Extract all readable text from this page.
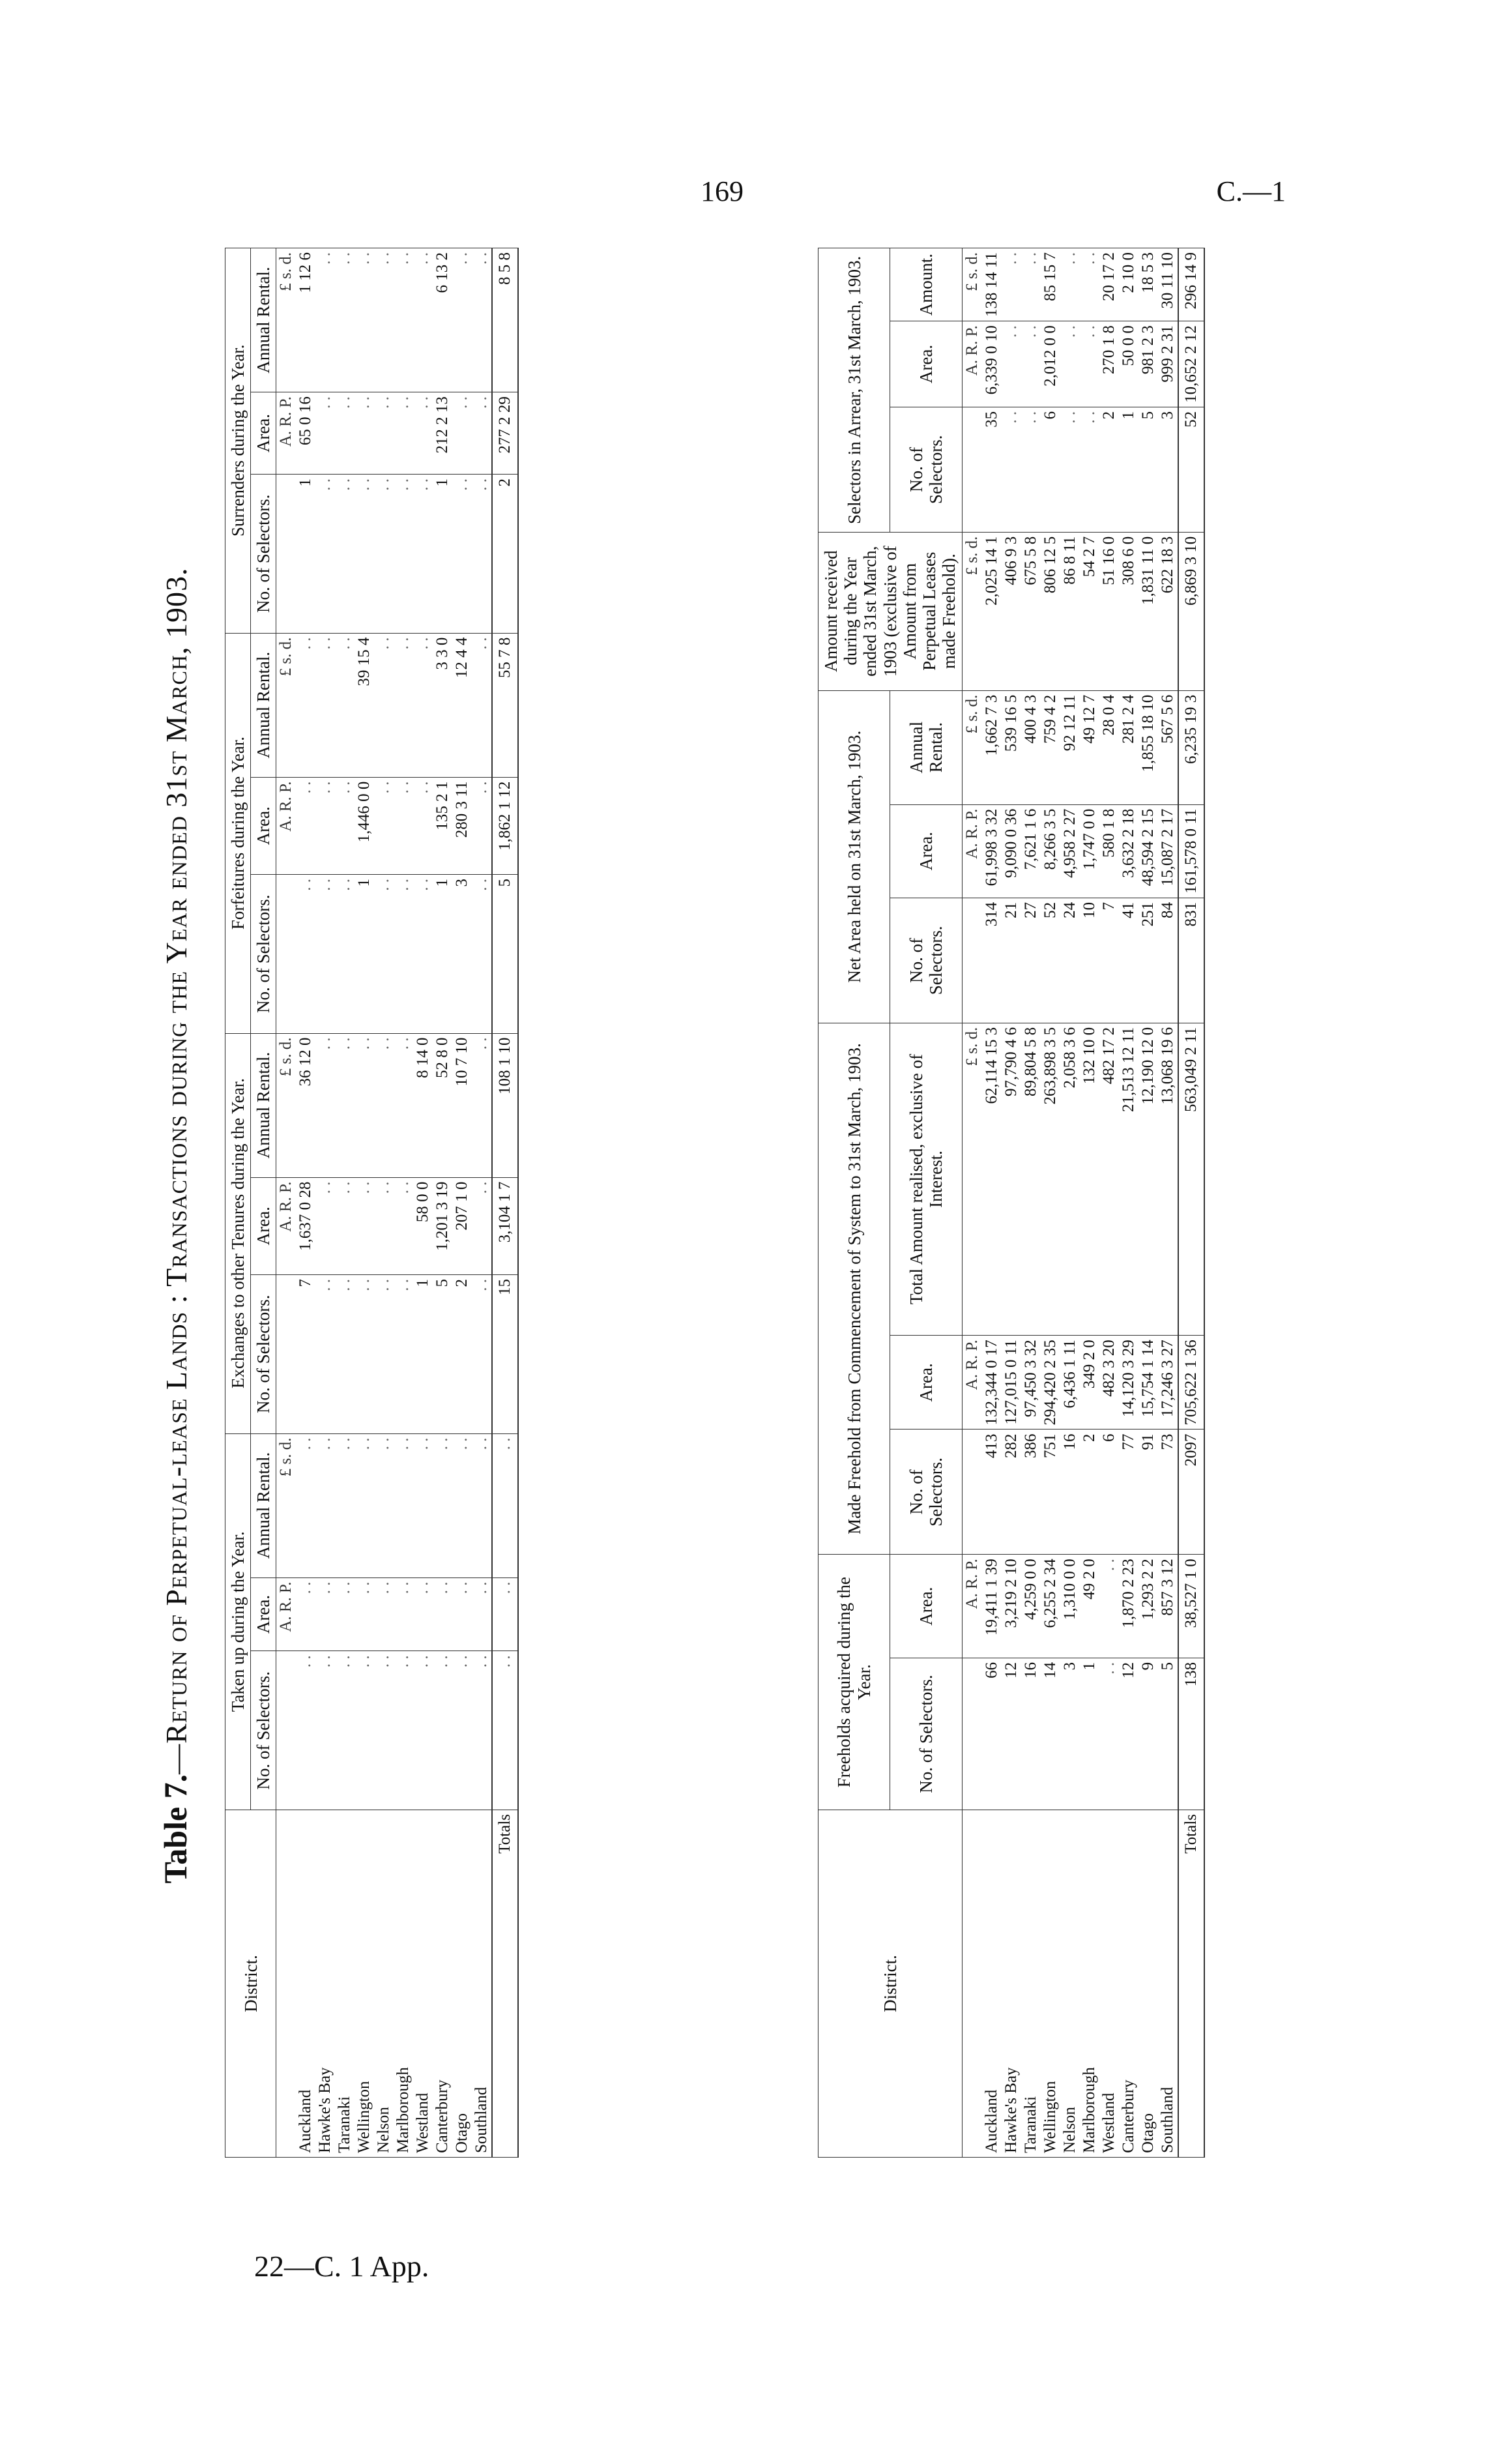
169	C.—1
22—C. 1 App.
Table 7.—Return of Perpetual-lease Lands : Transactions during the Year ended 31st March, 1903.
District.	Taken up during the Year.			Exchanges to other Tenures during the Year.			Forfeitures during the Year.			Surrenders during the Year.		
	No. of Selectors.	Area.	Annual Rental.	No. of Selectors.	Area.	Annual Rental.	No. of Selectors.	Area.	Annual Rental.	No. of Selectors.	Area.	Annual Rental.
		A. R. P.	£ s. d.		A. R. P.	£ s. d.		A. R. P.	£ s. d.		A. R. P.	£ s. d.
Auckland	. .	. .	. .	7	1,637 0 28	36 12 0	. .	. .	. .	1	65 0 16	1 12 6
Hawke's Bay	. .	. .	. .	. .	. .	. .	. .	. .	. .	. .	. .	. .
Taranaki	. .	. .	. .	. .	. .	. .	. .	. .	. .	. .	. .	. .
Wellington	. .	. .	. .	. .	. .	. .	1	1,446 0 0	39 15 4	. .	. .	. .
Nelson	. .	. .	. .	. .	. .	. .	. .	. .	. .	. .	. .	. .
Marlborough	. .	. .	. .	. .	. .	. .	. .	. .	. .	. .	. .	. .
Westland	. .	. .	. .	1	58 0 0	8 14 0	. .	. .	. .	. .	. .	. .
Canterbury	. .	. .	. .	5	1,201 3 19	52 8 0	1	135 2 1	3 3 0	1	212 2 13	6 13 2
Otago	. .	. .	. .	2	207 1 0	10 7 10	3	280 3 11	12 4 4	. .	. .	. .
Southland	. .	. .	. .	. .	. .	. .	. .	. .	. .	. .	. .	. .
Totals	. .	. .	. .	15	3,104 1 7	108 1 10	5	1,862 1 12	55 7 8	2	277 2 29	8 5 8
District.	Freeholds acquired during the Year.		Made Freehold from Commencement of System to 31st March, 1903.			Net Area held on 31st March, 1903.			Amount received during the Year ended 31st March, 1903 (exclusive of Amount from Perpetual Leases made Freehold).	Selectors in Arrear, 31st March, 1903.		
	No. of Selectors.	Area.	No. of Selectors.	Area.	Total Amount realised, exclusive of Interest.	No. of Selectors.	Area.	Annual Rental.		No. of Selectors.	Area.	Amount.
		A. R. P.		A. R. P.	£ s. d.		A. R. P.	£ s. d.	£ s. d.		A. R. P.	£ s. d.
Auckland	66	19,411 1 39	413	132,344 0 17	62,114 15 3	314	61,998 3 32	1,662 7 3	2,025 14 1	35	6,339 0 10	138 14 11
Hawke's Bay	12	3,219 2 10	282	127,015 0 11	97,790 4 6	21	9,090 0 36	539 16 5	406 9 3	. .	. .	. .
Taranaki	16	4,259 0 0	386	97,450 3 32	89,804 5 8	27	7,621 1 6	400 4 3	675 5 8	. .	. .	. .
Wellington	14	6,255 2 34	751	294,420 2 35	263,898 3 5	52	8,266 3 5	759 4 2	806 12 5	6	2,012 0 0	85 15 7
Nelson	3	1,310 0 0	16	6,436 1 11	2,058 3 6	24	4,958 2 27	92 12 11	86 8 11	. .	. .	. .
Marlborough	1	49 2 0	2	349 2 0	132 10 0	10	1,747 0 0	49 12 7	54 2 7	. .	. .	. .
Westland	. .	. .	6	482 3 20	482 17 2	7	580 1 8	28 0 4	51 16 0	2	270 1 8	20 17 2
Canterbury	12	1,870 2 23	77	14,120 3 29	21,513 12 11	41	3,632 2 18	281 2 4	308 6 0	1	50 0 0	2 10 0
Otago	9	1,293 2 2	91	15,754 1 14	12,190 12 0	251	48,594 2 15	1,855 18 10	1,831 11 0	5	981 2 3	18 5 3
Southland	5	857 3 12	73	17,246 3 27	13,068 19 6	84	15,087 2 17	567 5 6	622 18 3	3	999 2 31	30 11 10
Totals	138	38,527 1 0	2097	705,622 1 36	563,049 2 11	831	161,578 0 11	6,235 19 3	6,869 3 10	52	10,652 2 12	296 14 9
